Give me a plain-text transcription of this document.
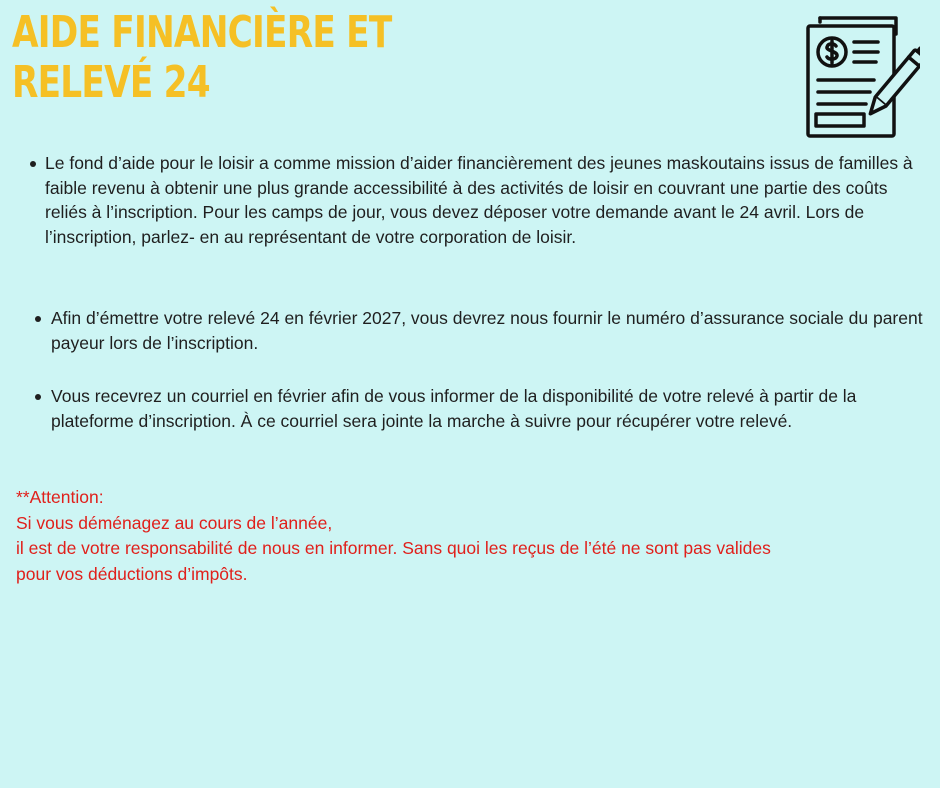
AIDE FINANCIÈRE ET
RELEVÉ 24

Le fond d’aide pour le loisir a comme mission d’aider financièrement des jeunes maskoutains issus de familles à faible revenu à obtenir une plus grande accessibilité à des activités de loisir en couvrant une partie des coûts reliés à l’inscription. Pour les camps de jour, vous devez déposer votre demande avant le 24 avril. Lors de l’inscription, parlez- en au représentant de votre corporation de loisir.

Afin d’émettre votre relevé 24 en février 2027, vous devrez nous fournir le numéro d’assurance sociale du parent payeur lors de l’inscription.

Vous recevrez un courriel en février afin de vous informer de la disponibilité de votre relevé à partir de la plateforme d’inscription. À ce courriel sera jointe la marche à suivre pour récupérer votre relevé.

**Attention:
Si vous déménagez au cours de l’année,
il est de votre responsabilité de nous en informer. Sans quoi les reçus de l’été ne sont pas valides
pour vos déductions d’impôts.
